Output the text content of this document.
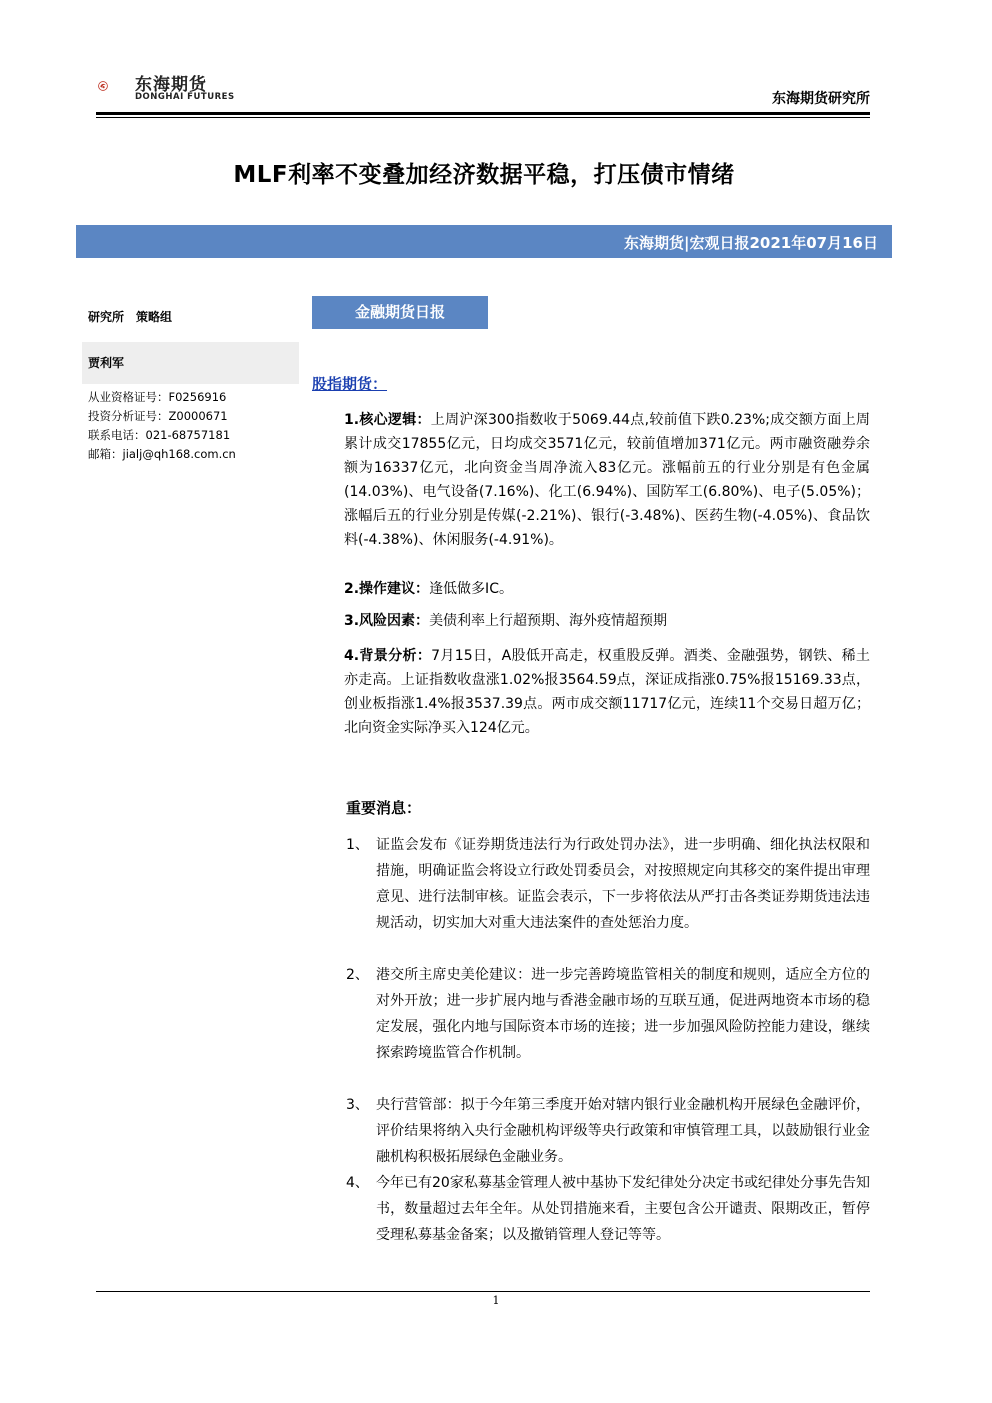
东海期货
DONGHAI FUTURES	东海期货研究所
MLF利率不变叠加经济数据平稳，打压债市情绪
东海期货|宏观日报2021年07月16日
研究所　策略组
贾利军
从业资格证号：F0256916
投资分析证号：Z0000671
联系电话：021-68757181
邮箱：jialj@qh168.com.cn
金融期货日报
股指期货：
1.核心逻辑：上周沪深300指数收于5069.44点,较前值下跌0.23%;成交额方面上周累计成交17855亿元，日均成交3571亿元，较前值增加371亿元。两市融资融券余额为16337亿元，北向资金当周净流入83亿元。涨幅前五的行业分别是有色金属(14.03%)、电气设备(7.16%)、化工(6.94%)、国防军工(6.80%)、电子(5.05%)；涨幅后五的行业分别是传媒(-2.21%)、银行(-3.48%)、医药生物(-4.05%)、食品饮料(-4.38%)、休闲服务(-4.91%)。
2.操作建议：逢低做多IC。
3.风险因素：美债利率上行超预期、海外疫情超预期
4.背景分析：7月15日，A股低开高走，权重股反弹。酒类、金融强势，钢铁、稀土亦走高。上证指数收盘涨1.02%报3564.59点，深证成指涨0.75%报15169.33点，创业板指涨1.4%报3537.39点。两市成交额11717亿元，连续11个交易日超万亿；北向资金实际净买入124亿元。
重要消息：
1、 证监会发布《证券期货违法行为行政处罚办法》，进一步明确、细化执法权限和措施，明确证监会将设立行政处罚委员会，对按照规定向其移交的案件提出审理意见、进行法制审核。证监会表示，下一步将依法从严打击各类证券期货违法违规活动，切实加大对重大违法案件的查处惩治力度。
2、 港交所主席史美伦建议：进一步完善跨境监管相关的制度和规则，适应全方位的对外开放；进一步扩展内地与香港金融市场的互联互通，促进两地资本市场的稳定发展，强化内地与国际资本市场的连接；进一步加强风险防控能力建设，继续探索跨境监管合作机制。
3、 央行营管部：拟于今年第三季度开始对辖内银行业金融机构开展绿色金融评价，评价结果将纳入央行金融机构评级等央行政策和审慎管理工具，以鼓励银行业金融机构积极拓展绿色金融业务。
4、 今年已有20家私募基金管理人被中基协下发纪律处分决定书或纪律处分事先告知书，数量超过去年全年。从处罚措施来看，主要包含公开谴责、限期改正，暂停受理私募基金备案；以及撤销管理人登记等等。
1
